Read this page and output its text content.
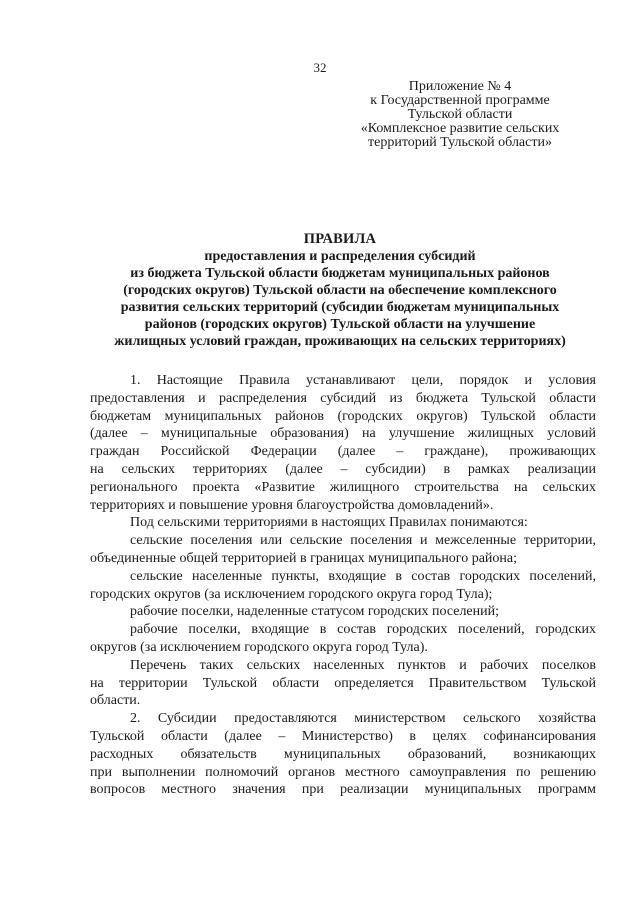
32
Приложение № 4
к Государственной программе
Тульской области
«Комплексное развитие сельских
территорий Тульской области»
ПРАВИЛА
предоставления и распределения субсидий
из бюджета Тульской области бюджетам муниципальных районов
(городских округов) Тульской области на обеспечение комплексного
развития сельских территорий (субсидии бюджетам муниципальных
районов (городских округов) Тульской области на улучшение
жилищных условий граждан, проживающих на сельских территориях)
1. Настоящие Правила устанавливают цели, порядок и условия
предоставления и распределения субсидий из бюджета Тульской области
бюджетам муниципальных районов (городских округов) Тульской области
(далее – муниципальные образования) на улучшение жилищных условий
граждан Российской Федерации (далее – граждане), проживающих
на сельских территориях (далее – субсидии) в рамках реализации
регионального проекта «Развитие жилищного строительства на сельских
территориях и повышение уровня благоустройства домовладений».
Под сельскими территориями в настоящих Правилах понимаются:
сельские поселения или сельские поселения и межселенные территории,
объединенные общей территорией в границах муниципального района;
сельские населенные пункты, входящие в состав городских поселений,
городских округов (за исключением городского округа город Тула);
рабочие поселки, наделенные статусом городских поселений;
рабочие поселки, входящие в состав городских поселений, городских
округов (за исключением городского округа город Тула).
Перечень таких сельских населенных пунктов и рабочих поселков
на территории Тульской области определяется Правительством Тульской
области.
2. Субсидии предоставляются министерством сельского хозяйства
Тульской области (далее – Министерство) в целях софинансирования
расходных обязательств муниципальных образований, возникающих
при выполнении полномочий органов местного самоуправления по решению
вопросов местного значения при реализации муниципальных программ
